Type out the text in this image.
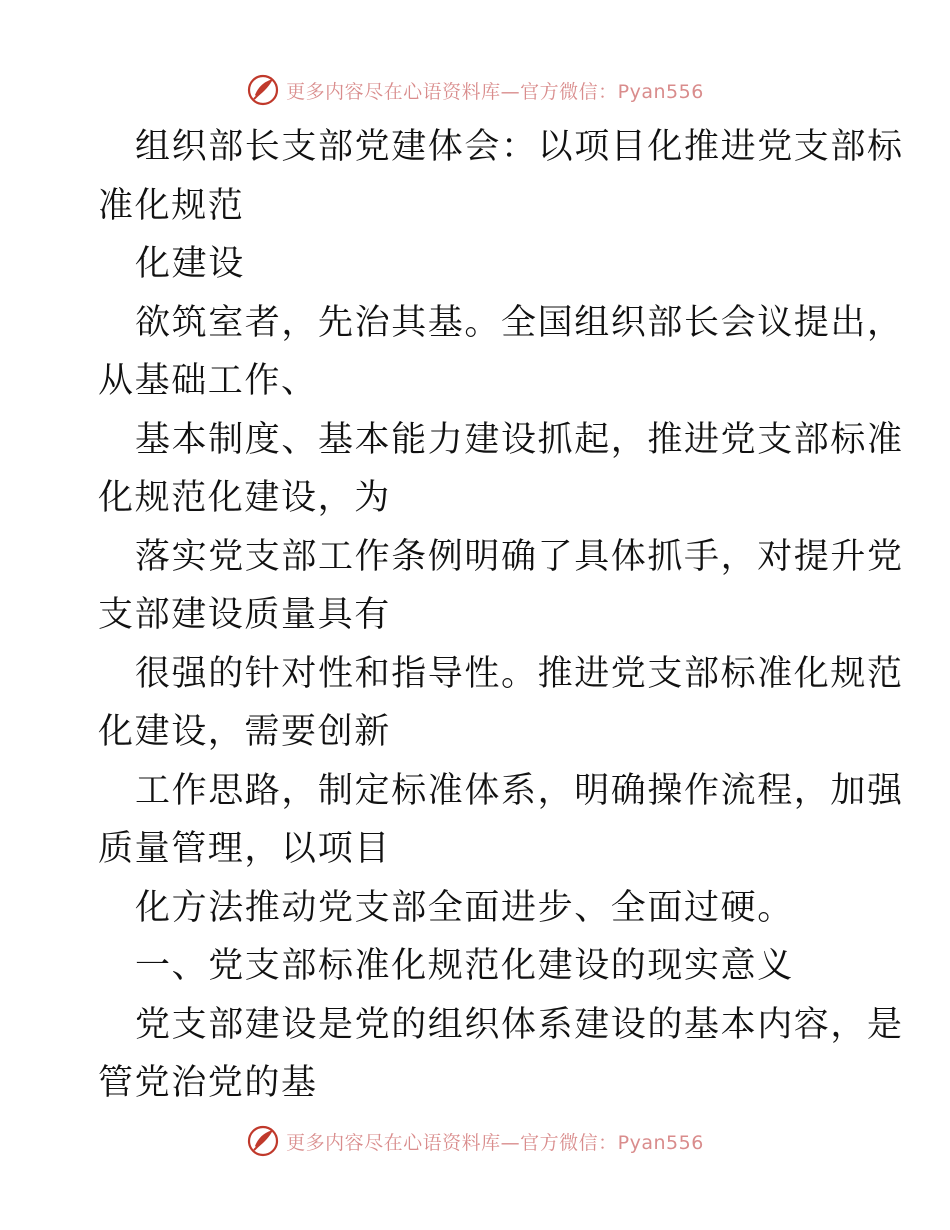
更多内容尽在心语资料库—官方微信：Pyan556
组织部长支部党建体会：以项目化推进党支部标
准化规范
化建设
欲筑室者，先治其基。全国组织部长会议提出，
从基础工作、
基本制度、基本能力建设抓起，推进党支部标准
化规范化建设，为
落实党支部工作条例明确了具体抓手，对提升党
支部建设质量具有
很强的针对性和指导性。推进党支部标准化规范
化建设，需要创新
工作思路，制定标准体系，明确操作流程，加强
质量管理，以项目
化方法推动党支部全面进步、全面过硬。
一、党支部标准化规范化建设的现实意义
党支部建设是党的组织体系建设的基本内容，是
管党治党的基
更多内容尽在心语资料库—官方微信：Pyan556
